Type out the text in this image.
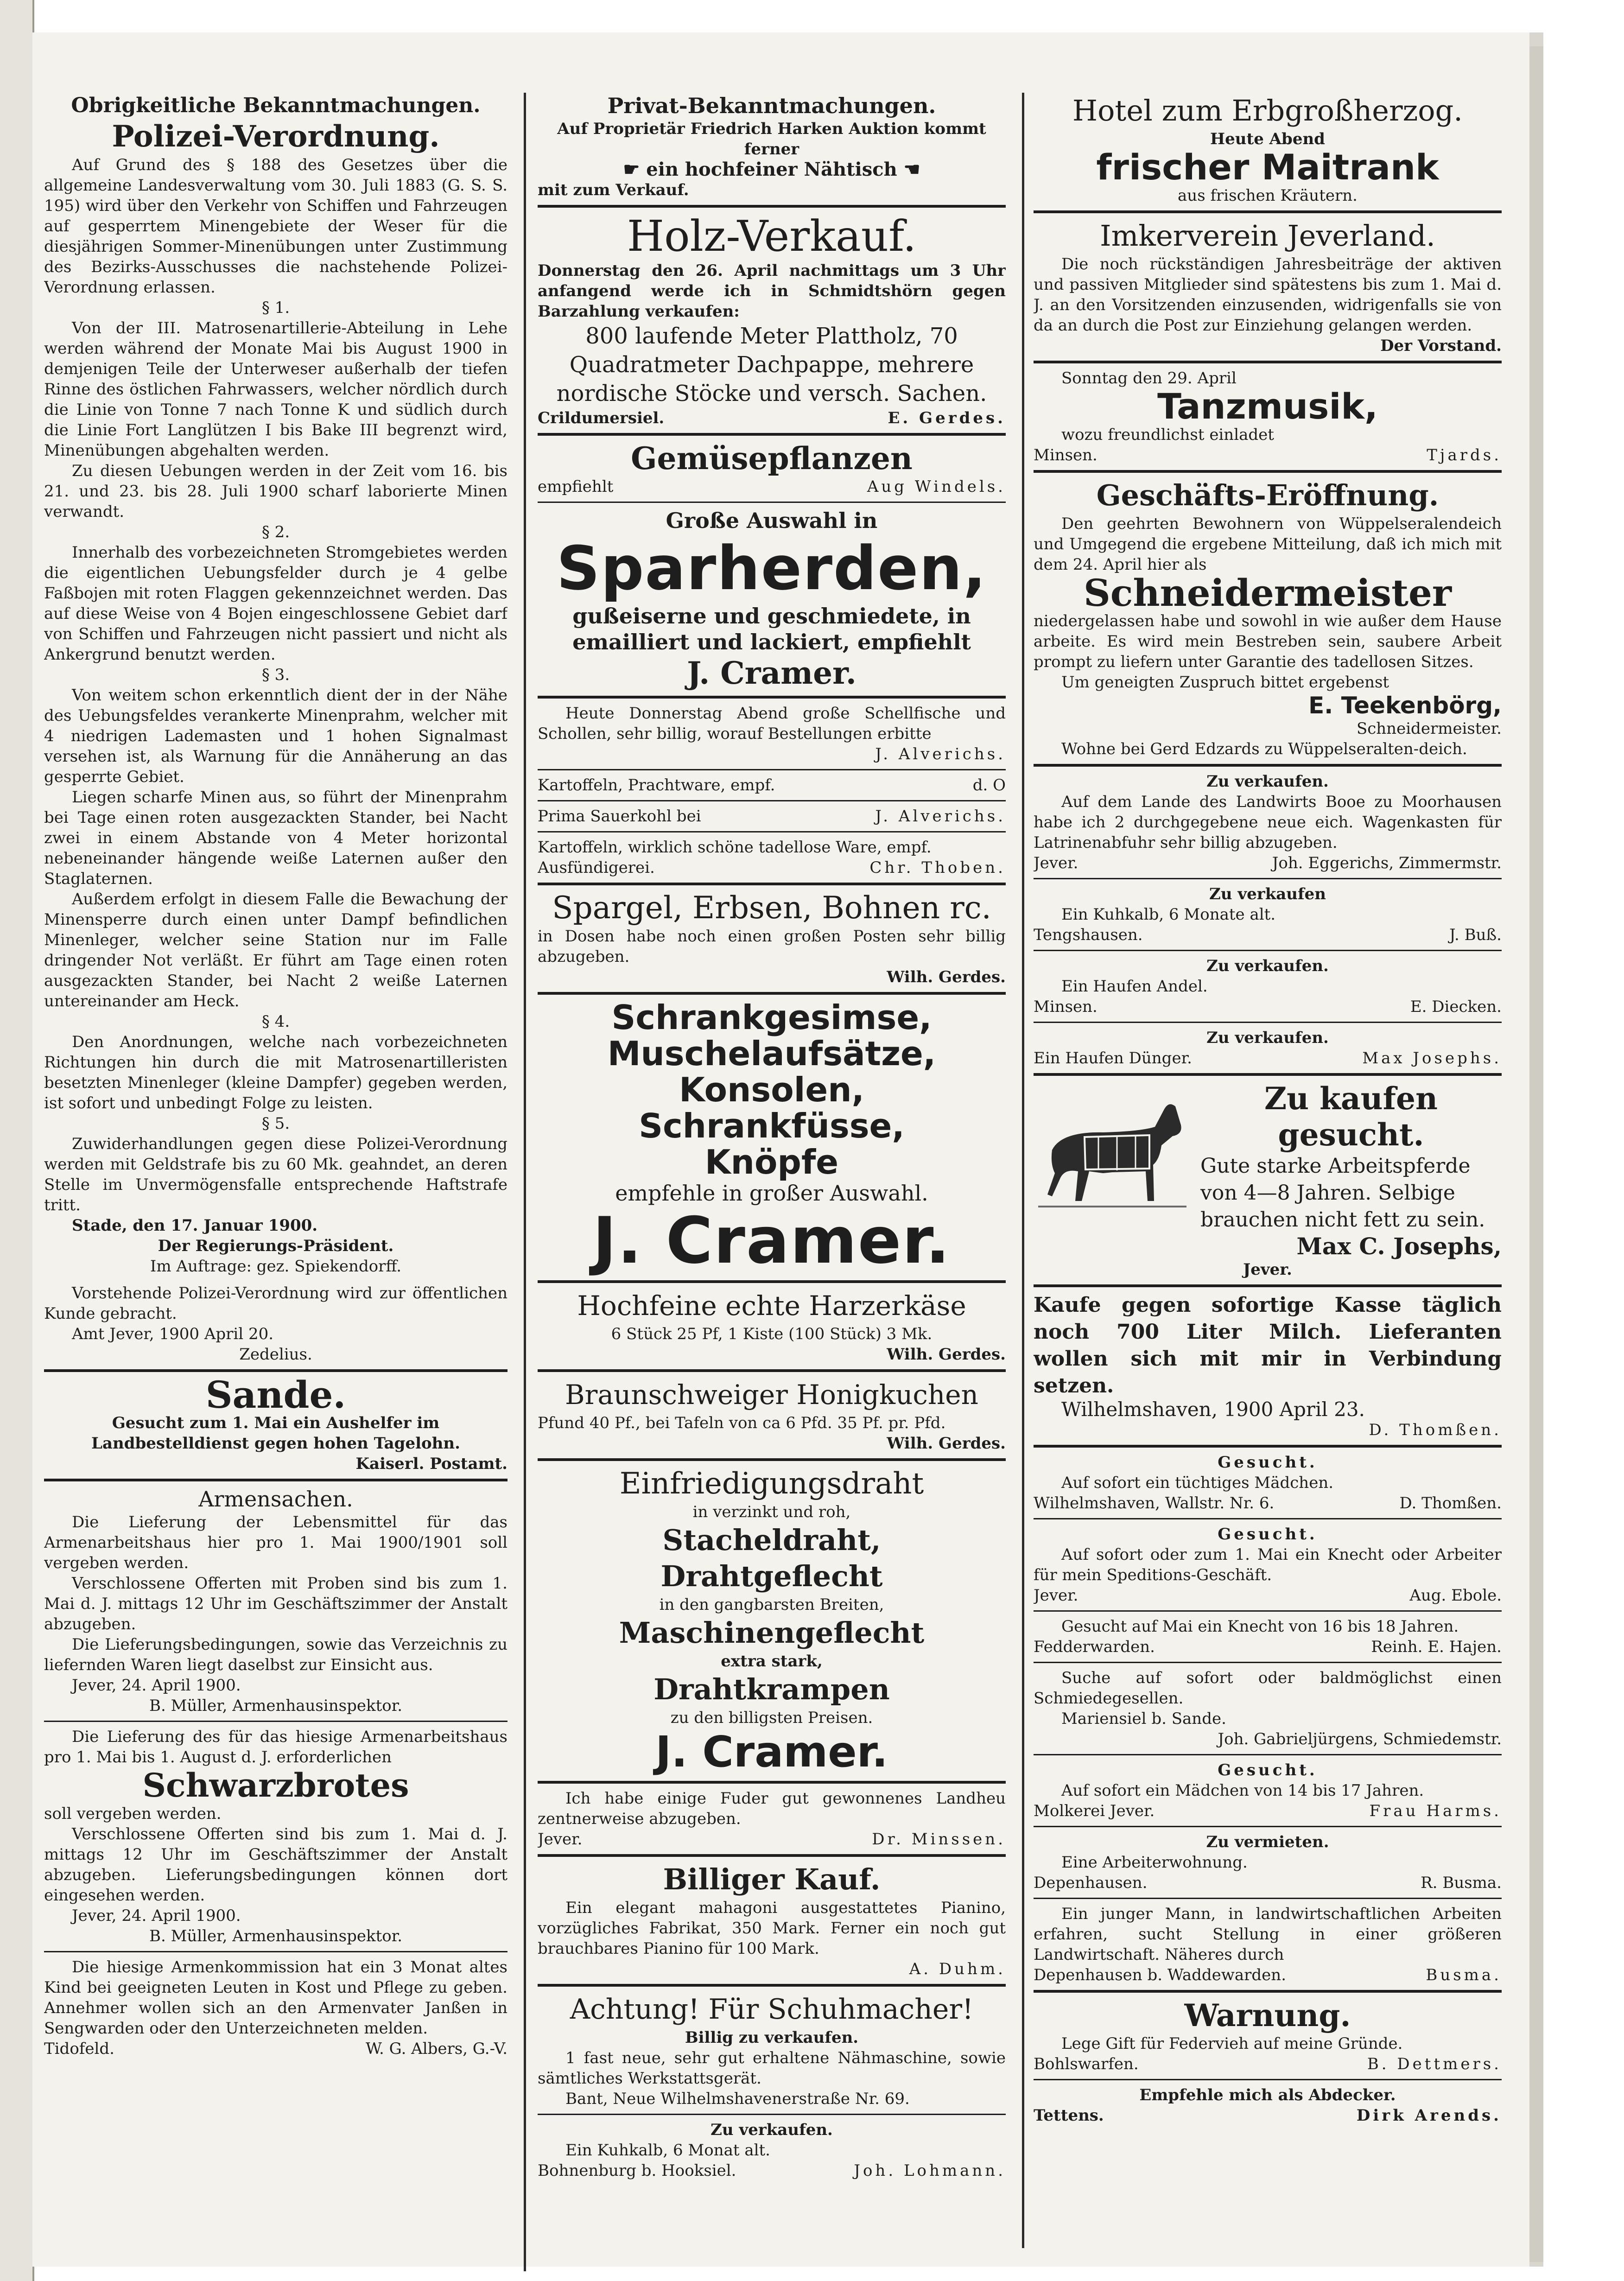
Obrigkeitliche Bekanntmachungen.
Polizei-Verordnung.

Auf Grund des § 188 des Gesetzes über die allgemeine Landesverwaltung vom 30. Juli 1883 (G. S. S. 195) wird über den Verkehr von Schiffen und Fahrzeugen auf gesperrtem Minengebiete der Weser für die diesjährigen Sommer-Minenübungen unter Zustimmung des Bezirks-Ausschusses die nachstehende Polizei-Verordnung erlassen.

§ 1.

Von der III. Matrosenartillerie-Abteilung in Lehe werden während der Monate Mai bis August 1900 in demjenigen Teile der Unterweser außerhalb der tiefen Rinne des östlichen Fahrwassers, welcher nördlich durch die Linie von Tonne 7 nach Tonne K und südlich durch die Linie Fort Langlützen I bis Bake III begrenzt wird, Minenübungen abgehalten werden.

Zu diesen Uebungen werden in der Zeit vom 16. bis 21. und 23. bis 28. Juli 1900 scharf laborierte Minen verwandt.

§ 2.

Innerhalb des vorbezeichneten Stromgebietes werden die eigentlichen Uebungsfelder durch je 4 gelbe Faßbojen mit roten Flaggen gekennzeichnet werden. Das auf diese Weise von 4 Bojen eingeschlossene Gebiet darf von Schiffen und Fahrzeugen nicht passiert und nicht als Ankergrund benutzt werden.

§ 3.

Von weitem schon erkenntlich dient der in der Nähe des Uebungsfeldes verankerte Minenprahm, welcher mit 4 niedrigen Lademasten und 1 hohen Signalmast versehen ist, als Warnung für die Annäherung an das gesperrte Gebiet.

Liegen scharfe Minen aus, so führt der Minenprahm bei Tage einen roten ausgezackten Stander, bei Nacht zwei in einem Abstande von 4 Meter horizontal nebeneinander hängende weiße Laternen außer den Staglaternen.

Außerdem erfolgt in diesem Falle die Bewachung der Minensperre durch einen unter Dampf befindlichen Minenleger, welcher seine Station nur im Falle dringender Not verläßt. Er führt am Tage einen roten ausgezackten Stander, bei Nacht 2 weiße Laternen untereinander am Heck.

§ 4.

Den Anordnungen, welche nach vorbezeichneten Richtungen hin durch die mit Matrosenartilleristen besetzten Minenleger (kleine Dampfer) gegeben werden, ist sofort und unbedingt Folge zu leisten.

§ 5.

Zuwiderhandlungen gegen diese Polizei-Verordnung werden mit Geldstrafe bis zu 60 Mk. geahndet, an deren Stelle im Unvermögensfalle entsprechende Haftstrafe tritt.

Stade, den 17. Januar 1900.

Der Regierungs-Präsident.

Im Auftrage: gez. Spiekendorff.

Vorstehende Polizei-Verordnung wird zur öffentlichen Kunde gebracht.

Amt Jever, 1900 April 20.

Zedelius.

Sande.

Gesucht zum 1. Mai ein Aushelfer im Landbestelldienst gegen hohen Tagelohn.

Kaiserl. Postamt.

Armensachen.

Die Lieferung der Lebensmittel für das Armenarbeitshaus hier pro 1. Mai 1900/1901 soll vergeben werden.

Verschlossene Offerten mit Proben sind bis zum 1. Mai d. J. mittags 12 Uhr im Geschäftszimmer der Anstalt abzugeben.

Die Lieferungsbedingungen, sowie das Verzeichnis zu liefernden Waren liegt daselbst zur Einsicht aus.

Jever, 24. April 1900.

B. Müller, Armenhausinspektor.

Die Lieferung des für das hiesige Armenarbeitshaus pro 1. Mai bis 1. August d. J. erforderlichen

Schwarzbrotes

soll vergeben werden.

Verschlossene Offerten sind bis zum 1. Mai d. J. mittags 12 Uhr im Geschäftszimmer der Anstalt abzugeben. Lieferungsbedingungen können dort eingesehen werden.

Jever, 24. April 1900.

B. Müller, Armenhausinspektor.

Die hiesige Armenkommission hat ein 3 Monat altes Kind bei geeigneten Leuten in Kost und Pflege zu geben. Annehmer wollen sich an den Armenvater Janßen in Sengwarden oder den Unterzeichneten melden.

Tidofeld.	W. G. Albers, G.-V.
Privat-Bekanntmachungen.

Auf Proprietär Friedrich Harken Auktion kommt ferner

☛ ein hochfeiner Nähtisch ☚

mit zum Verkauf.

Holz-Verkauf.

Donnerstag den 26. April nachmittags um 3 Uhr anfangend werde ich in Schmidtshörn gegen Barzahlung verkaufen:

800 laufende Meter Plattholz, 70 Quadratmeter Dachpappe, mehrere nordische Stöcke und versch. Sachen.

Crildumersiel.	E. Gerdes.
Gemüsepflanzen
empfiehlt	Aug Windels.
Große Auswahl in
Sparherden,
gußeiserne und geschmiedete, in
emailliert und lackiert, empfiehlt
J. Cramer.

Heute Donnerstag Abend große Schellfische und Schollen, sehr billig, worauf Bestellungen erbitte

J. Alverichs.

Kartoffeln, Prachtware, empf.	d. O
Prima Sauerkohl bei	J. Alverichs.

Kartoffeln, wirklich schöne tadellose Ware, empf.

Ausfündigerei.	Chr. Thoben.
Spargel, Erbsen, Bohnen rc.

in Dosen habe noch einen großen Posten sehr billig abzugeben.

Wilh. Gerdes.

Schrankgesimse,
Muschelaufsätze,
Konsolen,
Schrankfüsse,
Knöpfe
empfehle in großer Auswahl.
J. Cramer.
Hochfeine echte Harzerkäse

6 Stück 25 Pf, 1 Kiste (100 Stück) 3 Mk.

Wilh. Gerdes.

Braunschweiger Honigkuchen

Pfund 40 Pf., bei Tafeln von ca 6 Pfd. 35 Pf. pr. Pfd.

Wilh. Gerdes.

Einfriedigungsdraht

in verzinkt und roh,

Stacheldraht,
Drahtgeflecht

in den gangbarsten Breiten,

Maschinengeflecht

extra stark,

Drahtkrampen

zu den billigsten Preisen.

J. Cramer.

Ich habe einige Fuder gut gewonnenes Landheu zentnerweise abzugeben.

Jever.	Dr. Minssen.
Billiger Kauf.

Ein elegant mahagoni ausgestattetes Pianino, vorzügliches Fabrikat, 350 Mark. Ferner ein noch gut brauchbares Pianino für 100 Mark.

A. Duhm.

Achtung! Für Schuhmacher!

Billig zu verkaufen.

1 fast neue, sehr gut erhaltene Nähmaschine, sowie sämtliches Werkstattsgerät.

Bant, Neue Wilhelmshavenerstraße Nr. 69.

Zu verkaufen.

Ein Kuhkalb, 6 Monat alt.

Bohnenburg b. Hooksiel.	Joh. Lohmann.
Hotel zum Erbgroßherzog.

Heute Abend

frischer Maitrank

aus frischen Kräutern.

Imkerverein Jeverland.

Die noch rückständigen Jahresbeiträge der aktiven und passiven Mitglieder sind spätestens bis zum 1. Mai d. J. an den Vorsitzenden einzusenden, widrigenfalls sie von da an durch die Post zur Einziehung gelangen werden.

Der Vorstand.

Sonntag den 29. April

Tanzmusik,

wozu freundlichst einladet

Minsen.	Tjards.
Geschäfts-Eröffnung.

Den geehrten Bewohnern von Wüppelseralendeich und Umgegend die ergebene Mitteilung, daß ich mich mit dem 24. April hier als

Schneidermeister

niedergelassen habe und sowohl in wie außer dem Hause arbeite. Es wird mein Bestreben sein, saubere Arbeit prompt zu liefern unter Garantie des tadellosen Sitzes.

Um geneigten Zuspruch bittet ergebenst

E. Teekenbörg,

Schneidermeister.

Wohne bei Gerd Edzards zu Wüppelseralten-deich.

Zu verkaufen.

Auf dem Lande des Landwirts Booe zu Moorhausen habe ich 2 durchgegebene neue eich. Wagenkasten für Latrinenabfuhr sehr billig abzugeben.

Jever.	Joh. Eggerichs, Zimmermstr.

Zu verkaufen

Ein Kuhkalb, 6 Monate alt.

Tengshausen.	J. Buß.

Zu verkaufen.

Ein Haufen Andel.

Minsen.	E. Diecken.

Zu verkaufen.

Ein Haufen Dünger.	Max Josephs.
Zu kaufen gesucht.

Gute starke Arbeitspferde von 4—8 Jahren. Selbige brauchen nicht fett zu sein.

Max C. Josephs,

Jever.

Kaufe gegen sofortige Kasse täglich noch 700 Liter Milch. Lieferanten wollen sich mit mir in Verbindung setzen.

Wilhelmshaven, 1900 April 23.

D. Thomßen.

Gesucht.

Auf sofort ein tüchtiges Mädchen.

Wilhelmshaven, Wallstr. Nr. 6.	D. Thomßen.

Gesucht.

Auf sofort oder zum 1. Mai ein Knecht oder Arbeiter für mein Speditions-Geschäft.

Jever.	Aug. Ebole.

Gesucht auf Mai ein Knecht von 16 bis 18 Jahren.

Fedderwarden.	Reinh. E. Hajen.

Suche auf sofort oder baldmöglichst einen Schmiedegesellen.

Mariensiel b. Sande.

Joh. Gabrieljürgens, Schmiedemstr.

Gesucht.

Auf sofort ein Mädchen von 14 bis 17 Jahren.

Molkerei Jever.	Frau Harms.

Zu vermieten.

Eine Arbeiterwohnung.

Depenhausen.	R. Busma.

Ein junger Mann, in landwirtschaftlichen Arbeiten erfahren, sucht Stellung in einer größeren Landwirtschaft. Näheres durch

Depenhausen b. Waddewarden.	Busma.
Warnung.

Lege Gift für Federvieh auf meine Gründe.

Bohlswarfen.	B. Dettmers.

Empfehle mich als Abdecker.

Tettens.	Dirk Arends.
